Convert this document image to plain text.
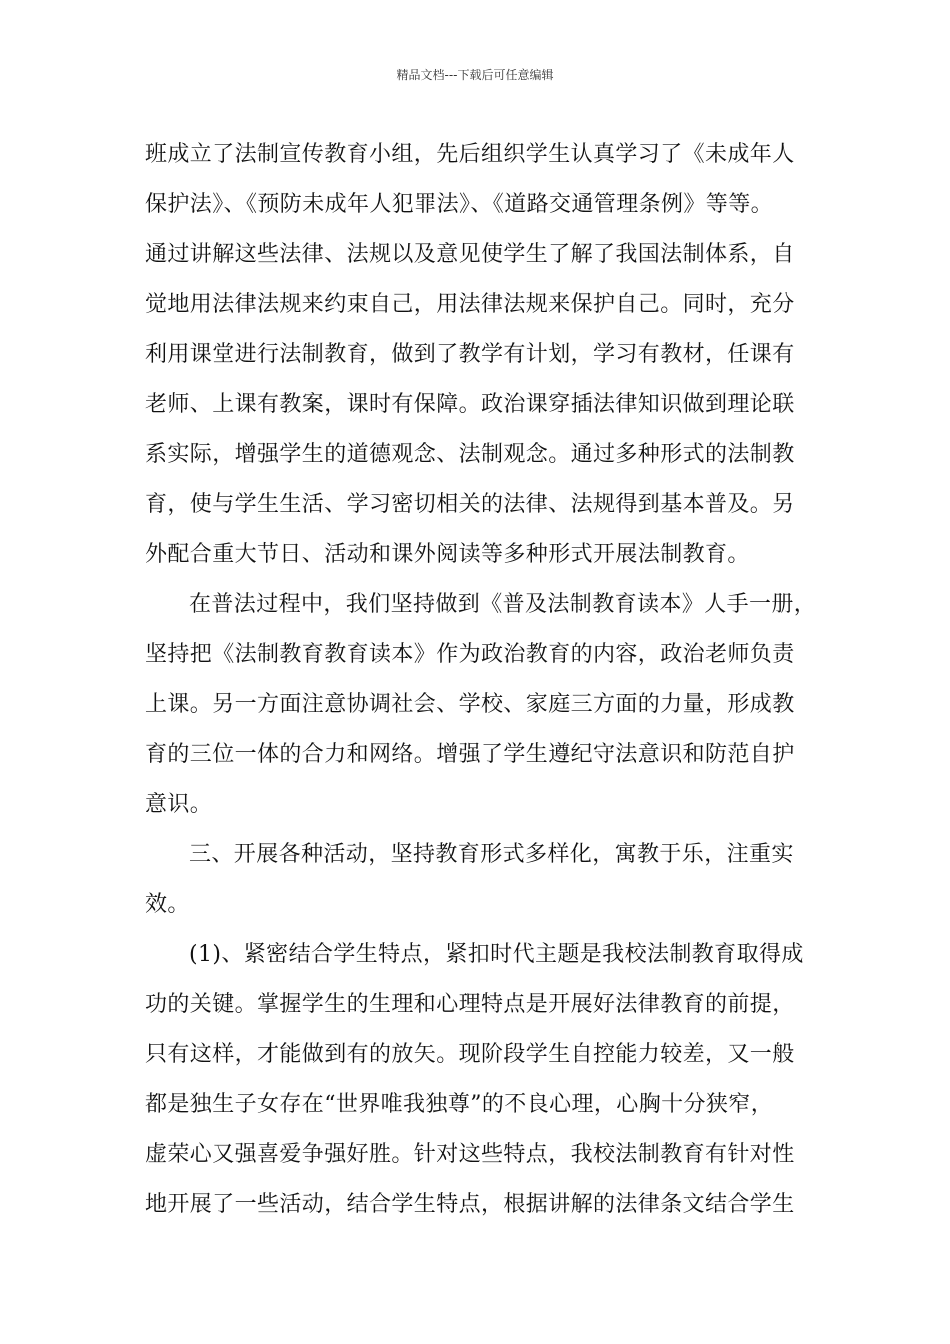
精品文档---下载后可任意编辑
班成立了法制宣传教育小组，先后组织学生认真学习了《未成年人
保护法》、《预防未成年人犯罪法》、《道路交通管理条例》等等。
通过讲解这些法律、法规以及意见使学生了解了我国法制体系，自
觉地用法律法规来约束自己，用法律法规来保护自己。同时，充分
利用课堂进行法制教育，做到了教学有计划，学习有教材，任课有
老师、上课有教案，课时有保障。政治课穿插法律知识做到理论联
系实际，增强学生的道德观念、法制观念。通过多种形式的法制教
育，使与学生生活、学习密切相关的法律、法规得到基本普及。另
外配合重大节日、活动和课外阅读等多种形式开展法制教育。
在普法过程中，我们坚持做到《普及法制教育读本》人手一册，
坚持把《法制教育教育读本》作为政治教育的内容，政治老师负责
上课。另一方面注意协调社会、学校、家庭三方面的力量，形成教
育的三位一体的合力和网络。增强了学生遵纪守法意识和防范自护
意识。
三、开展各种活动，坚持教育形式多样化，寓教于乐，注重实
效。
(1)、紧密结合学生特点，紧扣时代主题是我校法制教育取得成
功的关键。掌握学生的生理和心理特点是开展好法律教育的前提，
只有这样，才能做到有的放矢。现阶段学生自控能力较差，又一般
都是独生子女存在“世界唯我独尊”的不良心理，心胸十分狭窄，
虚荣心又强喜爱争强好胜。针对这些特点，我校法制教育有针对性
地开展了一些活动，结合学生特点，根据讲解的法律条文结合学生
